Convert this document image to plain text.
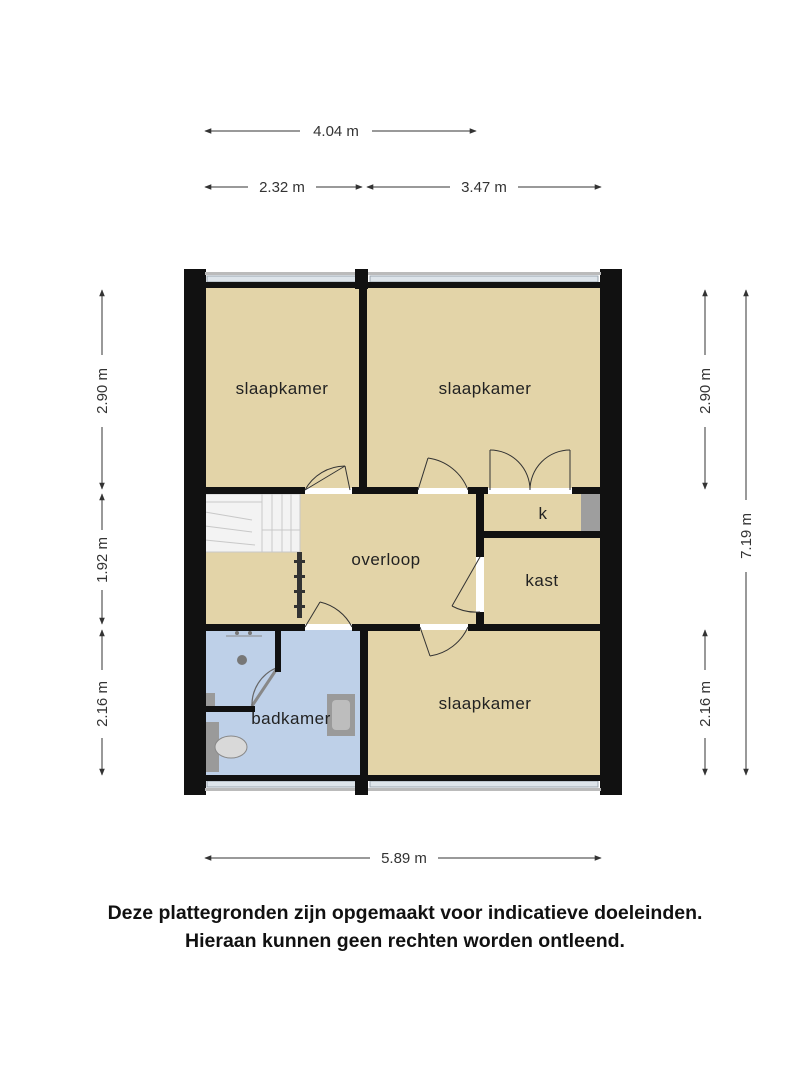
slaapkamer	slaapkamer
overloop
k
kast
badkamer
slaapkamer
4.04 m
2.32 m	3.47 m
5.89 m
2.90 m
1.92 m
2.16 m
2.90 m
2.16 m
7.19 m
Deze plattegronden zijn opgemaakt voor indicatieve doeleinden.
Hieraan kunnen geen rechten worden ontleend.
